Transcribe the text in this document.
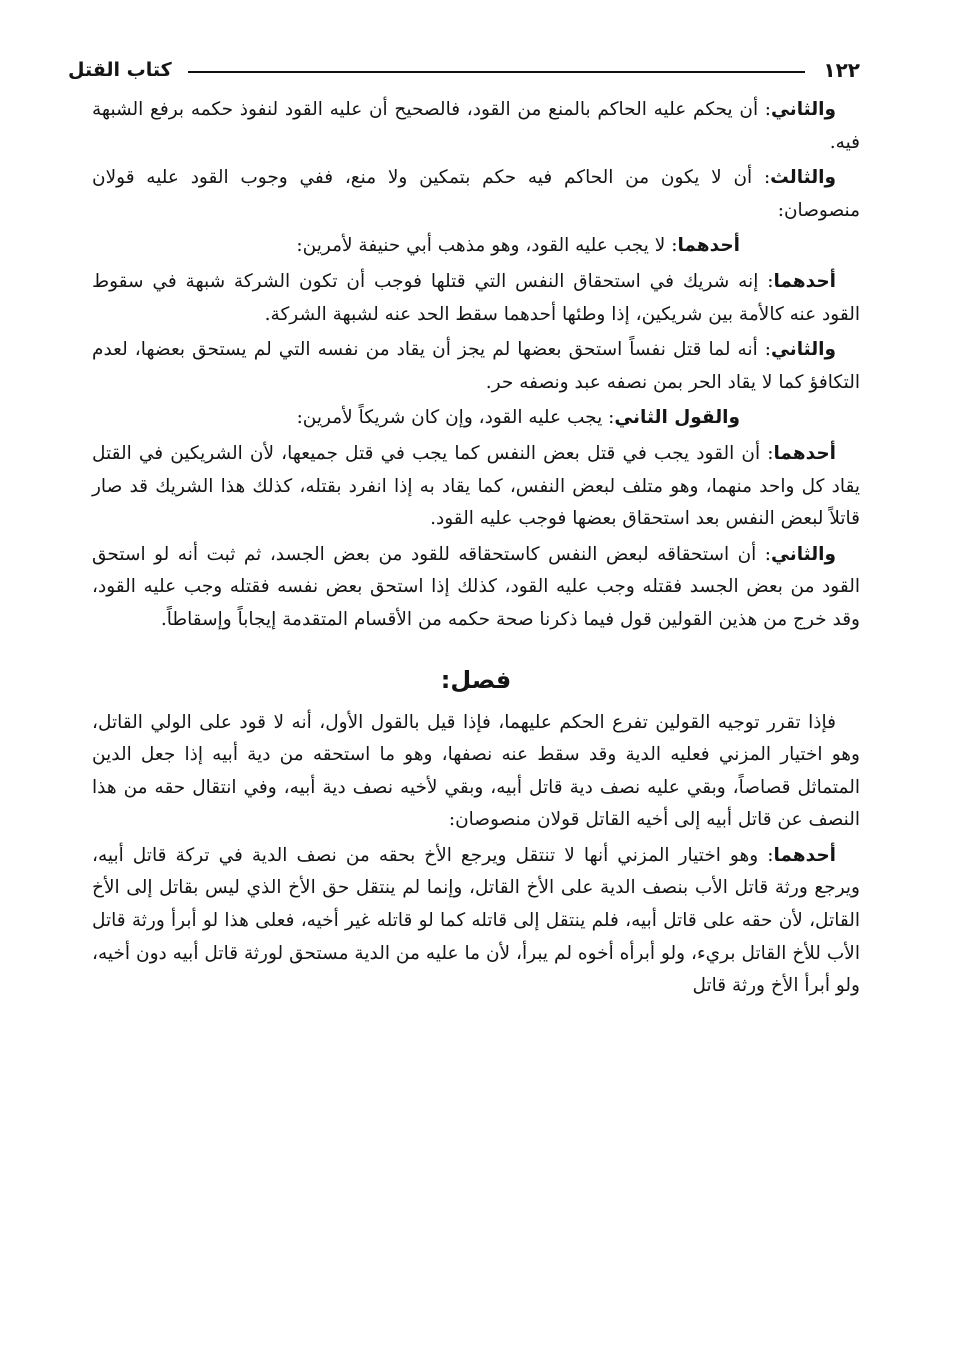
١٢٢
كتاب القتل

والثاني: أن يحكم عليه الحاكم بالمنع من القود، فالصحيح أن عليه القود لنفوذ حكمه برفع الشبهة فيه.

والثالث: أن لا يكون من الحاكم فيه حكم بتمكين ولا منع، ففي وجوب القود عليه قولان منصوصان:

أحدهما: لا يجب عليه القود، وهو مذهب أبي حنيفة لأمرين:

أحدهما: إنه شريك في استحقاق النفس التي قتلها فوجب أن تكون الشركة شبهة في سقوط القود عنه كالأمة بين شريكين، إذا وطئها أحدهما سقط الحد عنه لشبهة الشركة.

والثاني: أنه لما قتل نفساً استحق بعضها لم يجز أن يقاد من نفسه التي لم يستحق بعضها، لعدم التكافؤ كما لا يقاد الحر بمن نصفه عبد ونصفه حر.

والقول الثاني: يجب عليه القود، وإن كان شريكاً لأمرين:

أحدهما: أن القود يجب في قتل بعض النفس كما يجب في قتل جميعها، لأن الشريكين في القتل يقاد كل واحد منهما، وهو متلف لبعض النفس، كما يقاد به إذا انفرد بقتله، كذلك هذا الشريك قد صار قاتلاً لبعض النفس بعد استحقاق بعضها فوجب عليه القود.

والثاني: أن استحقاقه لبعض النفس كاستحقاقه للقود من بعض الجسد، ثم ثبت أنه لو استحق القود من بعض الجسد فقتله وجب عليه القود، كذلك إذا استحق بعض نفسه فقتله وجب عليه القود، وقد خرج من هذين القولين قول فيما ذكرنا صحة حكمه من الأقسام المتقدمة إيجاباً وإسقاطاً.

فصل:

فإذا تقرر توجيه القولين تفرع الحكم عليهما، فإذا قيل بالقول الأول، أنه لا قود على الولي القاتل، وهو اختيار المزني فعليه الدية وقد سقط عنه نصفها، وهو ما استحقه من دية أبيه إذا جعل الدين المتماثل قصاصاً، وبقي عليه نصف دية قاتل أبيه، وبقي لأخيه نصف دية أبيه، وفي انتقال حقه من هذا النصف عن قاتل أبيه إلى أخيه القاتل قولان منصوصان:

أحدهما: وهو اختيار المزني أنها لا تنتقل ويرجع الأخ بحقه من نصف الدية في تركة قاتل أبيه، ويرجع ورثة قاتل الأب بنصف الدية على الأخ القاتل، وإنما لم ينتقل حق الأخ الذي ليس بقاتل إلى الأخ القاتل، لأن حقه على قاتل أبيه، فلم ينتقل إلى قاتله كما لو قاتله غير أخيه، فعلى هذا لو أبرأ ورثة قاتل الأب للأخ القاتل بريء، ولو أبرأه أخوه لم يبرأ، لأن ما عليه من الدية مستحق لورثة قاتل أبيه دون أخيه، ولو أبرأ الأخ ورثة قاتل
